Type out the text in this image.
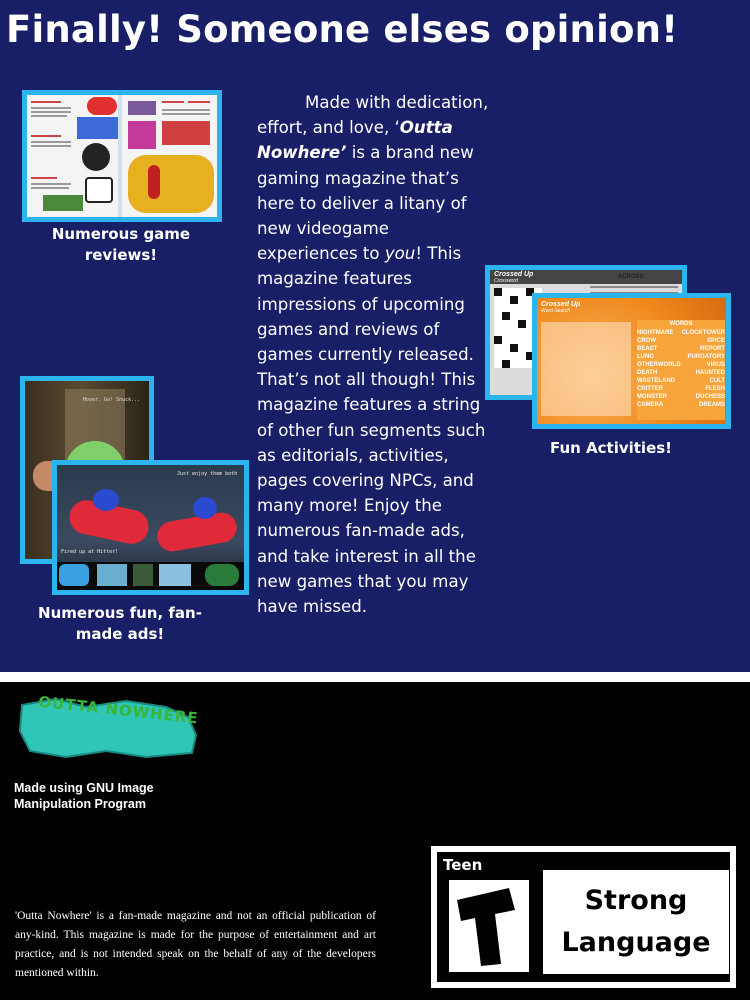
Finally! Someone elses opinion!
Numerous game reviews!

Made with dedication, effort, and love, ‘Outta Nowhere’ is a brand new gaming magazine that’s here to deliver a litany of new videogame experiences to you! This magazine features impressions of upcoming games and reviews of games currently released. That’s not all though! This magazine features a string of other fun segments such as editorials, activities, pages covering NPCs, and many more! Enjoy the numerous fan-made ads, and take interest in all the new games that you may have missed.

Hover. Go! Snuck...
Just enjoy them both
Fired up at Hitter!
Numerous fun, fan-made ads!
Crossed Up
Crossword
ACROSS
Crossed Up
Word Search
WORDS
NIGHTMARE CLOCKTOWER
CROW	SPICE
BEAST	REPORT
LUNG	PURGATORY
OTHERWORLD	VIRUS
DEATH	HAUNTED
WASTELAND	CULT
CRITTER	FLESH
MONSTER	DUCHESS
CAMERA	DREAMS
Fun Activities!
OUTTA NOWHERE

Made using GNU Image Manipulation Program

'Outta Nowhere' is a fan-made magazine and not an official publication of any-kind. This magazine is made for the purpose of entertainment and art practice, and is not intended speak on the behalf of any of the developers mentioned within.

Teen
Strong
Language
